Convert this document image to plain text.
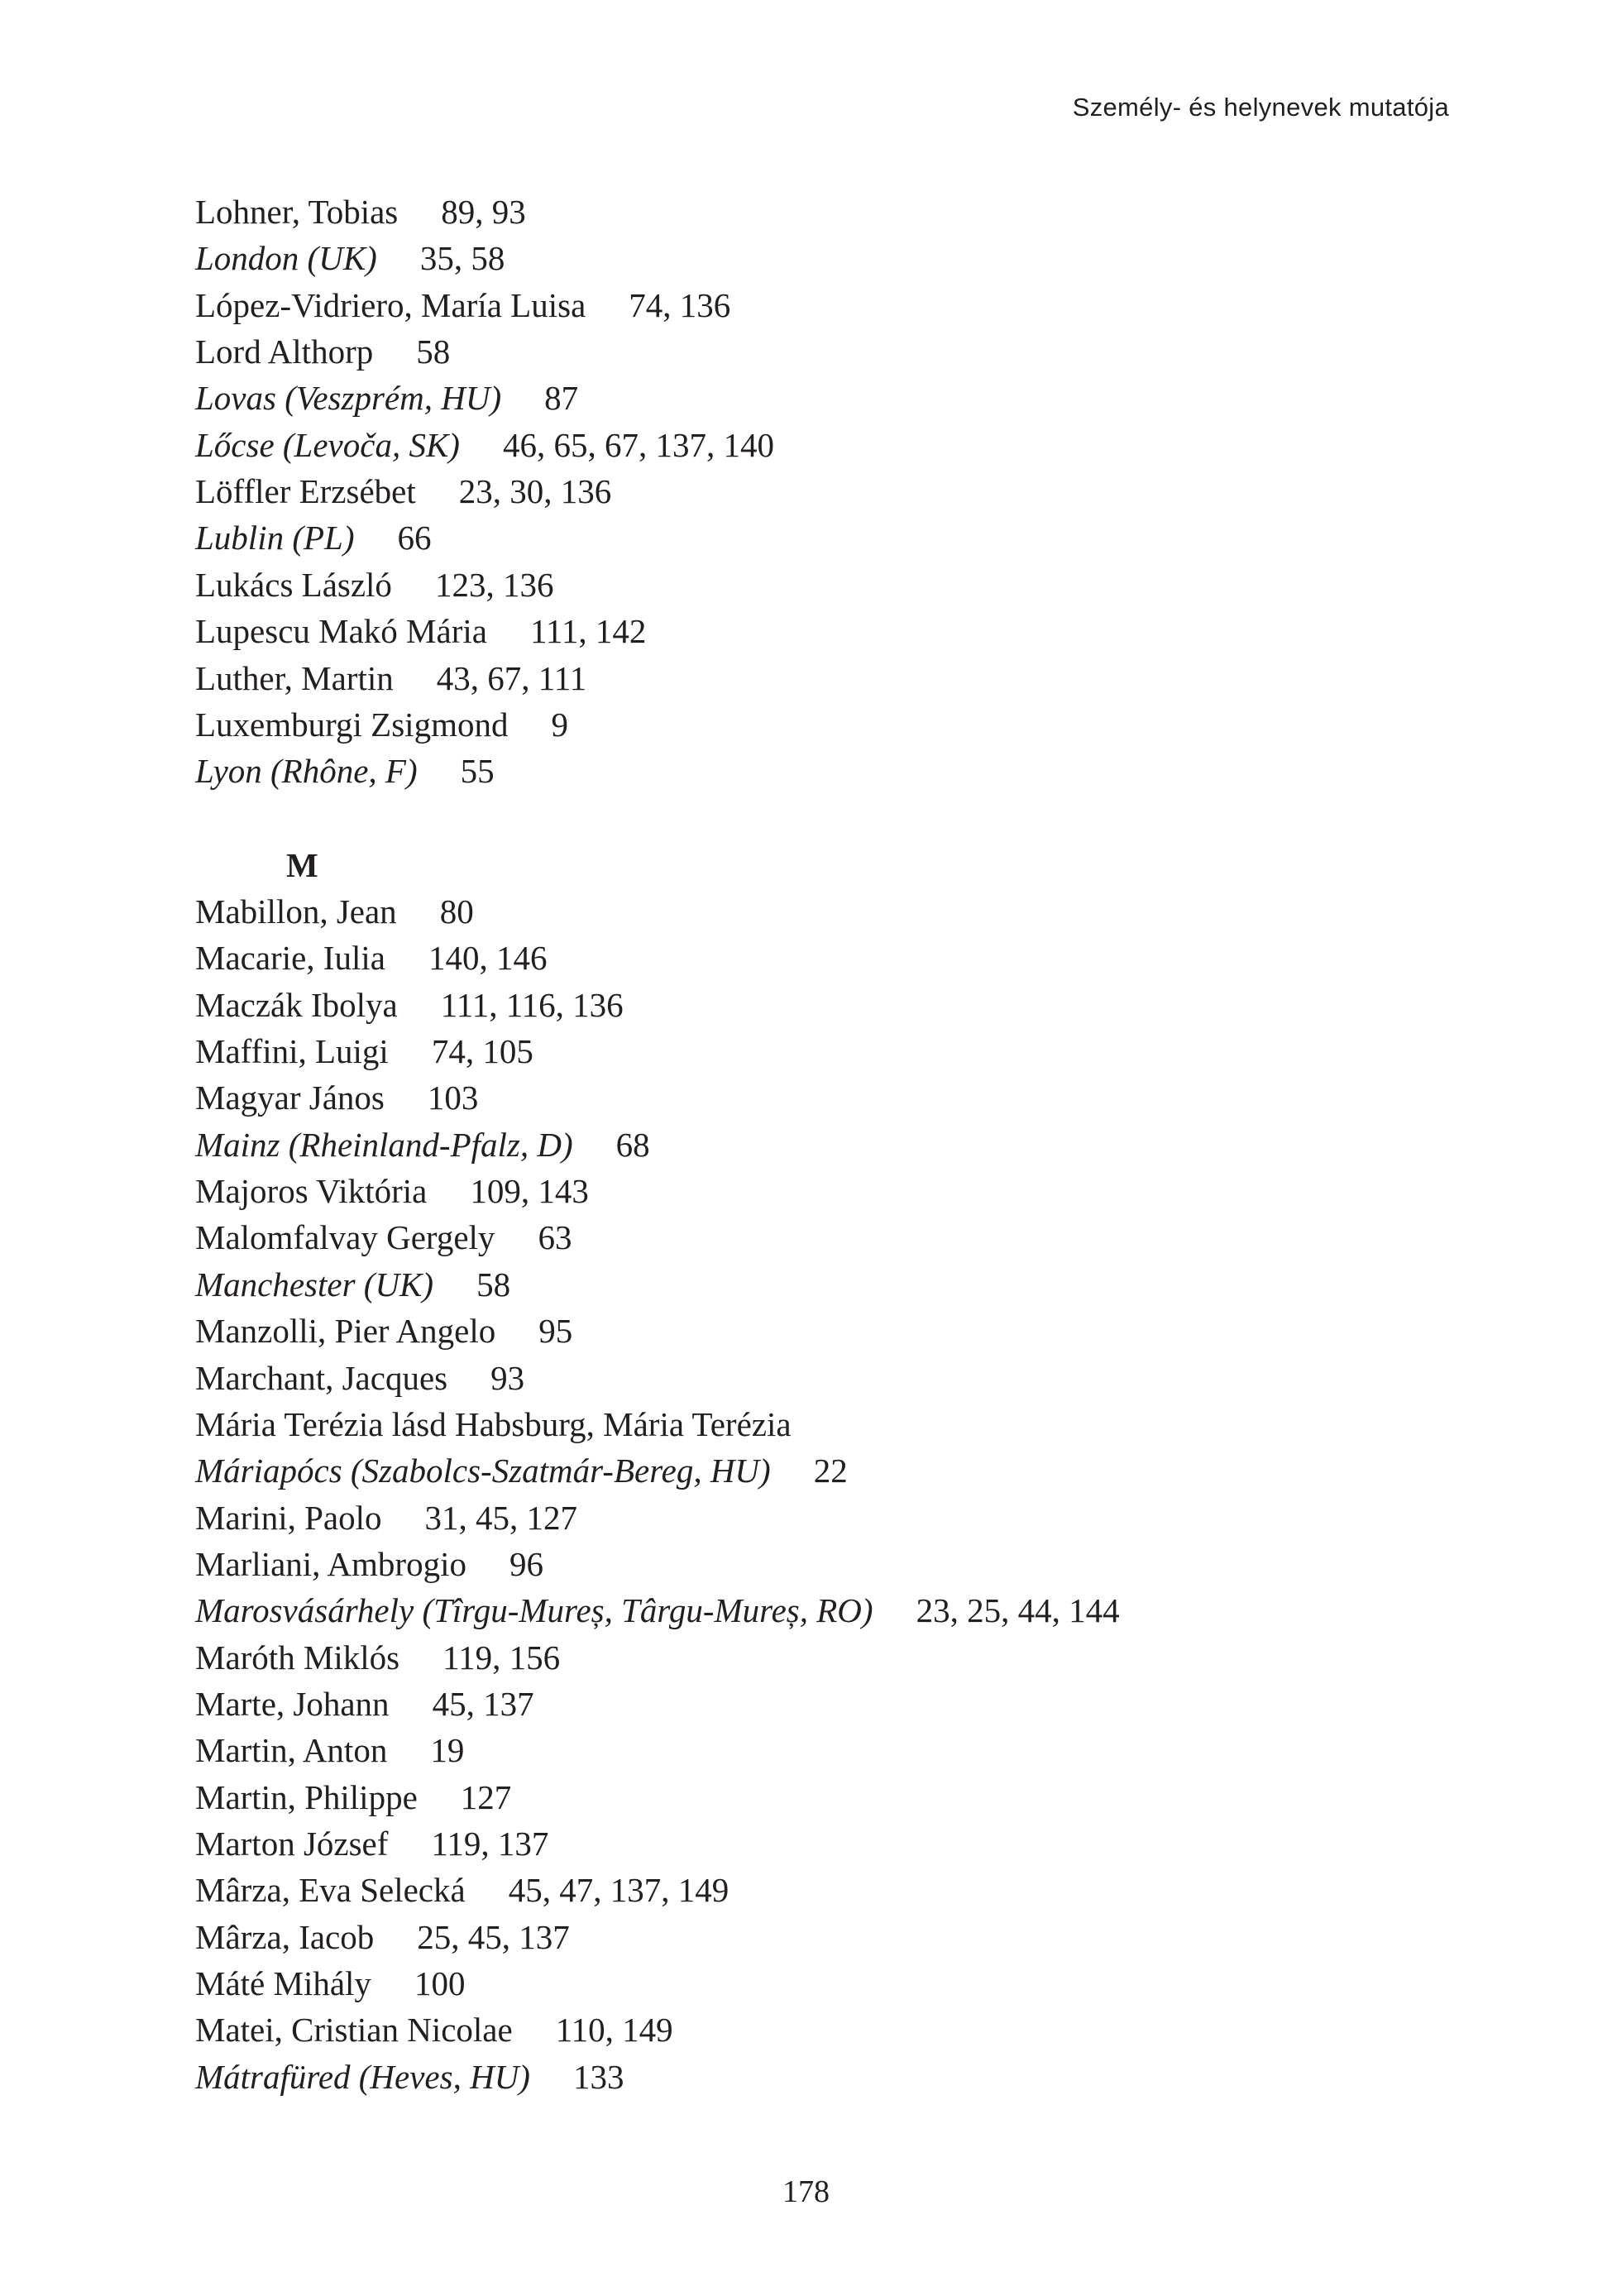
Személy- és helynevek mutatója
Lohner, Tobias 89, 93
London (UK) 35, 58
López-Vidriero, María Luisa 74, 136
Lord Althorp 58
Lovas (Veszprém, HU) 87
Lőcse (Levoča, SK) 46, 65, 67, 137, 140
Löffler Erzsébet 23, 30, 136
Lublin (PL) 66
Lukács László 123, 136
Lupescu Makó Mária 111, 142
Luther, Martin 43, 67, 111
Luxemburgi Zsigmond 9
Lyon (Rhône, F) 55
M
Mabillon, Jean 80
Macarie, Iulia 140, 146
Maczák Ibolya 111, 116, 136
Maffini, Luigi 74, 105
Magyar János 103
Mainz (Rheinland-Pfalz, D) 68
Majoros Viktória 109, 143
Malomfalvay Gergely 63
Manchester (UK) 58
Manzolli, Pier Angelo 95
Marchant, Jacques 93
Mária Terézia lásd Habsburg, Mária Terézia
Máriapócs (Szabolcs-Szatmár-Bereg, HU) 22
Marini, Paolo 31, 45, 127
Marliani, Ambrogio 96
Marosvásárhely (Tîrgu-Mureș, Târgu-Mureș, RO) 23, 25, 44, 144
Maróth Miklós 119, 156
Marte, Johann 45, 137
Martin, Anton 19
Martin, Philippe 127
Marton József 119, 137
Mârza, Eva Selecká 45, 47, 137, 149
Mârza, Iacob 25, 45, 137
Máté Mihály 100
Matei, Cristian Nicolae 110, 149
Mátrafüred (Heves, HU) 133
178
